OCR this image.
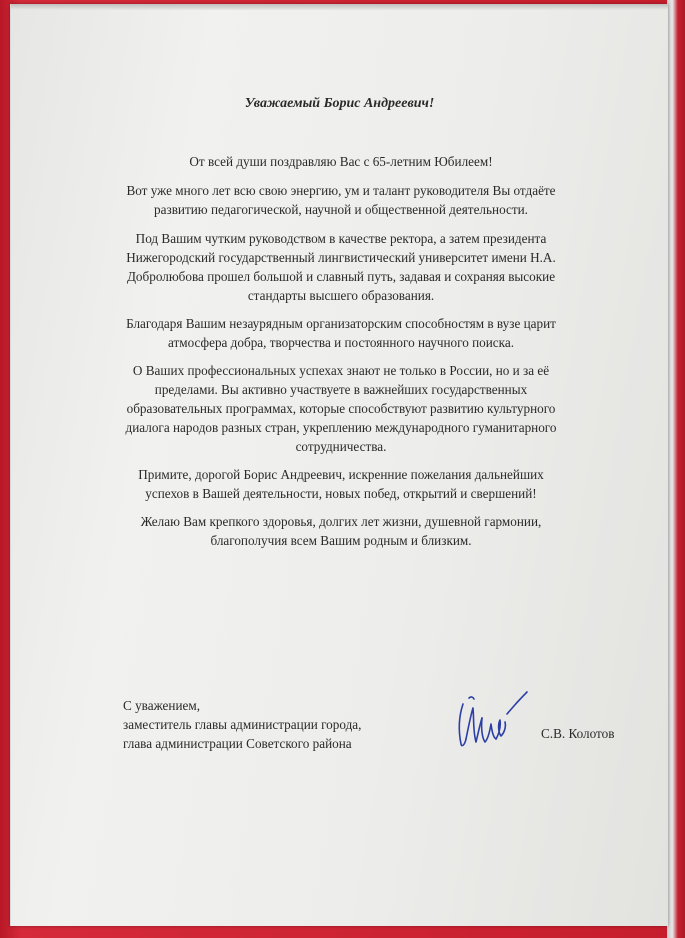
Уважаемый Борис Андреевич!

От всей души поздравляю Вас с 65-летним Юбилеем!
Вот уже много лет всю свою энергию, ум и талант руководителя Вы отдаёте
развитию педагогической, научной и общественной деятельности.
Под Вашим чутким руководством в качестве ректора, а затем президента
Нижегородский государственный лингвистический университет имени Н.А.
Добролюбова прошел большой и славный путь, задавая и сохраняя высокие
стандарты высшего образования.
Благодаря Вашим незаурядным организаторским способностям в вузе царит
атмосфера добра, творчества и постоянного научного поиска.
О Ваших профессиональных успехах знают не только в России, но и за её
пределами. Вы активно участвуете в важнейших государственных
образовательных программах, которые способствуют развитию культурного
диалога народов разных стран, укреплению международного гуманитарного
сотрудничества.
Примите, дорогой Борис Андреевич, искренние пожелания дальнейших
успехов в Вашей деятельности, новых побед, открытий и свершений!
Желаю Вам крепкого здоровья, долгих лет жизни, душевной гармонии,
благополучия всем Вашим родным и близким.
С уважением,
заместитель главы администрации города,
глава администрации Советского района
С.В. Колотов
